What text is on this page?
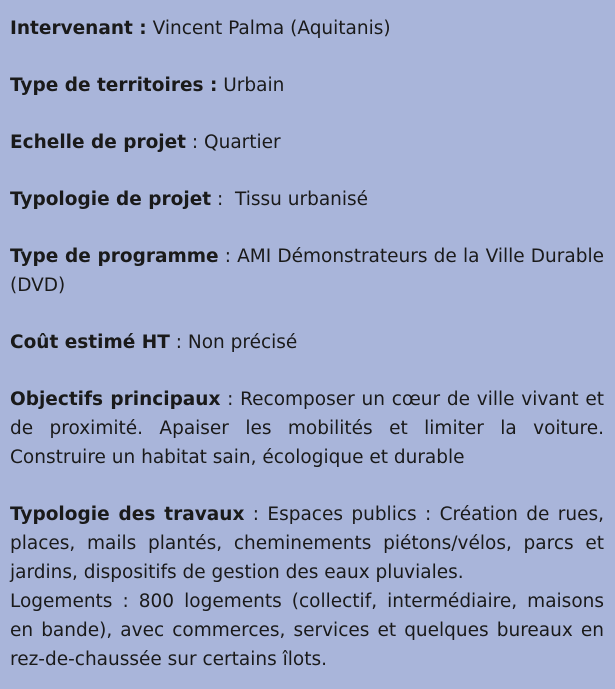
Intervenant : Vincent Palma (Aquitanis)
Type de territoires : Urbain
Echelle de projet : Quartier
Typologie de projet :  Tissu urbanisé
Type de programme : AMI Démonstrateurs de la Ville Durable (DVD)
Coût estimé HT : Non précisé
Objectifs principaux : Recomposer un cœur de ville vivant et de proximité. Apaiser les mobilités et limiter la voiture. Construire un habitat sain, écologique et durable
Typologie des travaux : Espaces publics : Création de rues, places, mails plantés, cheminements piétons/vélos, parcs et jardins, dispositifs de gestion des eaux pluviales.
Logements : 800 logements (collectif, intermédiaire, maisons en bande), avec commerces, services et quelques bureaux en rez-de-chaussée sur certains îlots.
